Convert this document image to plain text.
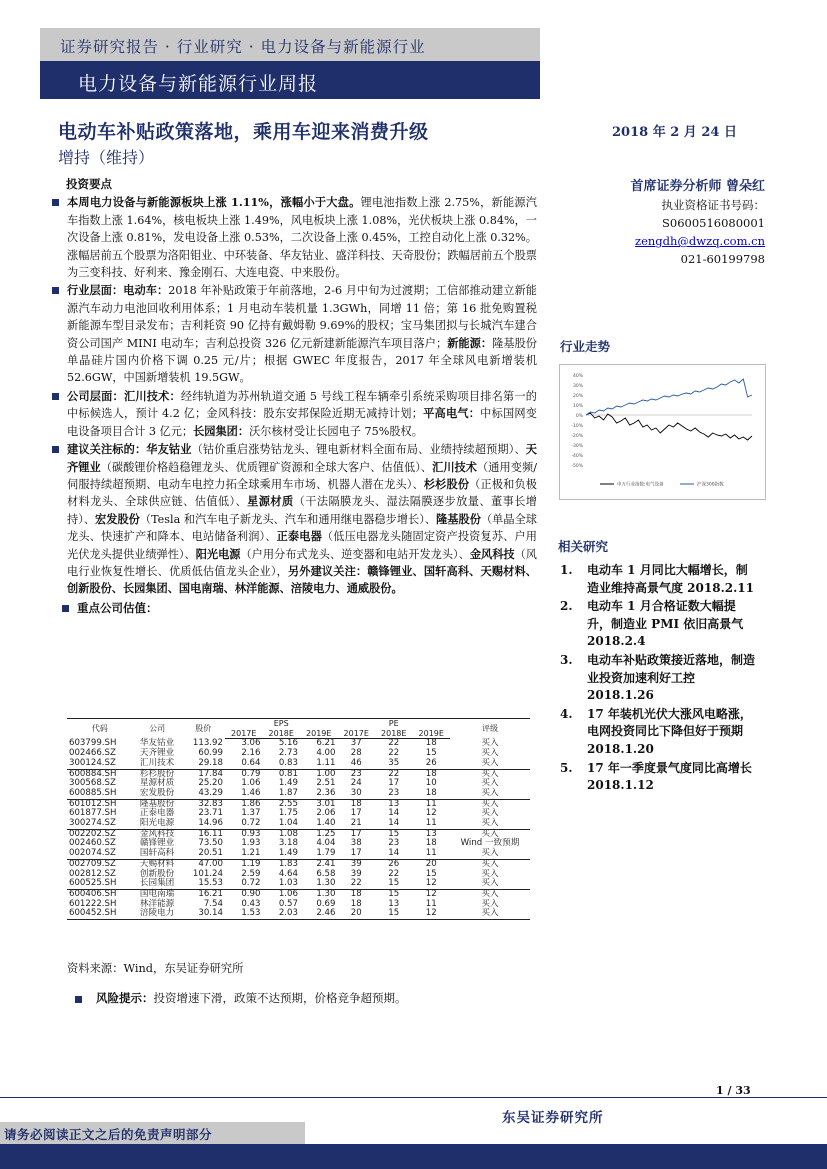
证券研究报告 · 行业研究 · 电力设备与新能源行业
电力设备与新能源行业周报
电动车补贴政策落地，乘用车迎来消费升级	2018 年 2 月 24 日
增持（维持）
投资要点
本周电力设备与新能源板块上涨 1.11%，涨幅小于大盘。锂电池指数上涨 2.75%，新能源汽车指数上涨 1.64%，核电板块上涨 1.49%，风电板块上涨 1.08%，光伏板块上涨 0.84%，一次设备上涨 0.81%，发电设备上涨 0.53%，二次设备上涨 0.45%，工控自动化上涨 0.32%。涨幅居前五个股票为洛阳钼业、中环装备、华友钴业、盛洋科技、天奇股份；跌幅居前五个股票为三变科技、好利来、豫金刚石、大连电瓷、中来股份。
行业层面：电动车：2018 年补贴政策于年前落地，2-6 月中旬为过渡期；工信部推动建立新能源汽车动力电池回收利用体系；1 月电动车装机量 1.3GWh，同增 11 倍；第 16 批免购置税新能源车型目录发布；吉利耗资 90 亿持有戴姆勒 9.69%的股权；宝马集团拟与长城汽车建合资公司国产 MINI 电动车；吉利总投资 326 亿元新建新能源汽车项目落户；新能源：隆基股份单晶硅片国内价格下调 0.25 元/片；根据 GWEC 年度报告，2017 年全球风电新增装机 52.6GW，中国新增装机 19.5GW。
公司层面：汇川技术：经纬轨道为苏州轨道交通 5 号线工程车辆牵引系统采购项目排名第一的中标候选人，预计 4.2 亿；金风科技：股东安邦保险近期无减持计划；平高电气：中标国网变电设备项目合计 3 亿元；长园集团：沃尔核材受让长园电子 75%股权。
建议关注标的：华友钴业（钴价重启涨势钴龙头、锂电新材料全面布局、业绩持续超预期）、天齐锂业（碳酸锂价格趋稳锂龙头、优质锂矿资源和全球大客户、估值低）、汇川技术（通用变频/伺服持续超预期、电动车电控力拓全球乘用车市场、机器人潜在龙头）、杉杉股份（正极和负极材料龙头、全球供应链、估值低）、星源材质（干法隔膜龙头、湿法隔膜逐步放量、董事长增持）、宏发股份（Tesla 和汽车电子新龙头、汽车和通用继电器稳步增长）、隆基股份（单晶全球龙头、快速扩产和降本、电站储备利润）、正泰电器（低压电器龙头随固定资产投资复苏、户用光伏龙头提供业绩弹性）、阳光电源（户用分布式龙头、逆变器和电站开发龙头）、金风科技（风电行业恢复性增长、优质低估值龙头企业），另外建议关注：赣锋锂业、国轩高科、天赐材料、创新股份、长园集团、国电南瑞、林洋能源、涪陵电力、通威股份。
重点公司估值：
代码	公司	股价	EPS			PE			评级
			2017E	2018E	2019E	2017E	2018E	2019E	
603799.SH	华友钴业	113.92	3.06	5.16	6.21	37	22	18	买入
002466.SZ	天齐锂业	60.99	2.16	2.73	4.00	28	22	15	买入
300124.SZ	汇川技术	29.18	0.64	0.83	1.11	46	35	26	买入
600884.SH	杉杉股份	17.84	0.79	0.81	1.00	23	22	18	买入
300568.SZ	星源材质	25.20	1.06	1.49	2.51	24	17	10	买入
600885.SH	宏发股份	43.29	1.46	1.87	2.36	30	23	18	买入
601012.SH	隆基股份	32.83	1.86	2.55	3.01	18	13	11	买入
601877.SH	正泰电器	23.71	1.37	1.75	2.06	17	14	12	买入
300274.SZ	阳光电源	14.96	0.72	1.04	1.40	21	14	11	买入
002202.SZ	金风科技	16.11	0.93	1.08	1.25	17	15	13	买入
002460.SZ	赣锋锂业	73.50	1.93	3.18	4.04	38	23	18	Wind 一致预期
002074.SZ	国轩高科	20.51	1.21	1.49	1.79	17	14	11	买入
002709.SZ	天赐材料	47.00	1.19	1.83	2.41	39	26	20	买入
002812.SZ	创新股份	101.24	2.59	4.64	6.58	39	22	15	买入
600525.SH	长园集团	15.53	0.72	1.03	1.30	22	15	12	买入
600406.SH	国电南瑞	16.21	0.90	1.06	1.30	18	15	12	买入
601222.SH	林洋能源	7.54	0.43	0.57	0.69	18	13	11	买入
600452.SH	涪陵电力	30.14	1.53	2.03	2.46	20	15	12	买入
资料来源：Wind，东吴证券研究所
风险提示：投资增速下滑，政策不达预期，价格竞争超预期。
首席证券分析师 曾朵红
执业资格证书号码：
S0600516080001
zengdh@dwzq.com.cn
021-60199798
行业走势
40%
30%
20%
10%
0%
-10%
-20%
-30%
-40%
-50%
申万行业指数:电气设备	沪深300指数
相关研究
1. 电动车 1 月同比大幅增长，制造业维持高景气度 2018.2.11
2. 电动车 1 月合格证数大幅提升，制造业 PMI 依旧高景气 2018.2.4
3. 电动车补贴政策接近落地，制造业投资加速利好工控 2018.1.26
4. 17 年装机光伏大涨风电略涨，电网投资同比下降但好于预期 2018.1.20
5. 17 年一季度景气度同比高增长 2018.1.12
1 / 33
东吴证券研究所
请务必阅读正文之后的免责声明部分
